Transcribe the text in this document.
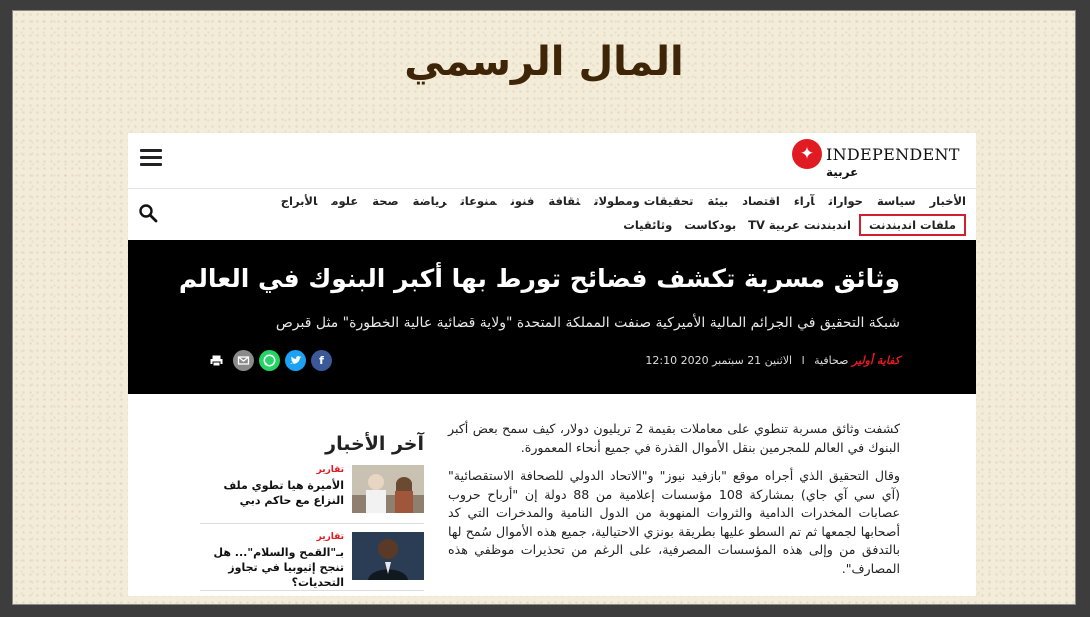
المال الرسمي
✦ INDEPENDENT
عربية
الأخبارسياسةحواراتآراءاقتصادبيئةتحقيقات ومطولاتثقافةفنونمنوعاترياضةصحةعلومالأبراج
ملفات اندبندنتاندبندنت عربية TVبودكاستوثائقيات
وثائق مسربة تكشف فضائح تورط بها أكبر البنوك في العالم
شبكة التحقيق في الجرائم المالية الأميركية صنفت المملكة المتحدة "ولاية قضائية عالية الخطورة" مثل قبرص
كفاية أولير صحافية l الاثنين 21 سبتمبر 2020 12:10
f

كشفت وثائق مسربة تنطوي على معاملات بقيمة 2 تريليون دولار، كيف سمح بعض أكبر البنوك في العالم للمجرمين بنقل الأموال القذرة في جميع أنحاء المعمورة.

وقال التحقيق الذي أجراه موقع "بازفيد نيوز" و"الاتحاد الدولي للصحافة الاستقصائية" (آي سي آي جاي) بمشاركة 108 مؤسسات إعلامية من 88 دولة إن "أرباح حروب عصابات المخدرات الدامية والثروات المنهوبة من الدول النامية والمدخرات التي كد أصحابها لجمعها ثم تم السطو عليها بطريقة بونزي الاحتيالية، جميع هذه الأموال سُمح لها بالتدفق من وإلى هذه المؤسسات المصرفية، على الرغم من تحذيرات موظفي هذه المصارف".

آخر الأخبار
تقارير
الأميرة هيا تطوي ملف النزاع مع حاكم دبي
تقارير
بـ"القمح والسلام"... هل تنجح إثيوبيا في تجاوز التحديات؟
